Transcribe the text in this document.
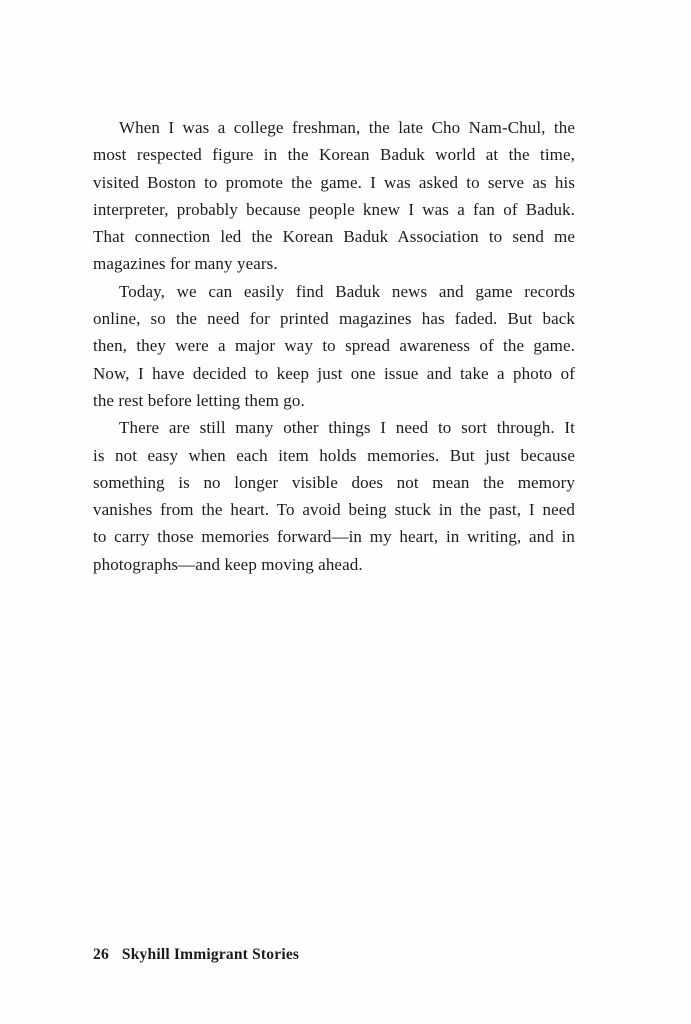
When I was a college freshman, the late Cho Nam-Chul, the
most respected figure in the Korean Baduk world at the time,
visited Boston to promote the game. I was asked to serve as his
interpreter, probably because people knew I was a fan of Baduk.
That connection led the Korean Baduk Association to send me
magazines for many years.
Today, we can easily find Baduk news and game records
online, so the need for printed magazines has faded. But back
then, they were a major way to spread awareness of the game.
Now, I have decided to keep just one issue and take a photo of
the rest before letting them go.
There are still many other things I need to sort through. It
is not easy when each item holds memories. But just because
something is no longer visible does not mean the memory
vanishes from the heart. To avoid being stuck in the past, I need
to carry those memories forward—in my heart, in writing, and in
photographs—and keep moving ahead.
26 Skyhill Immigrant Stories
